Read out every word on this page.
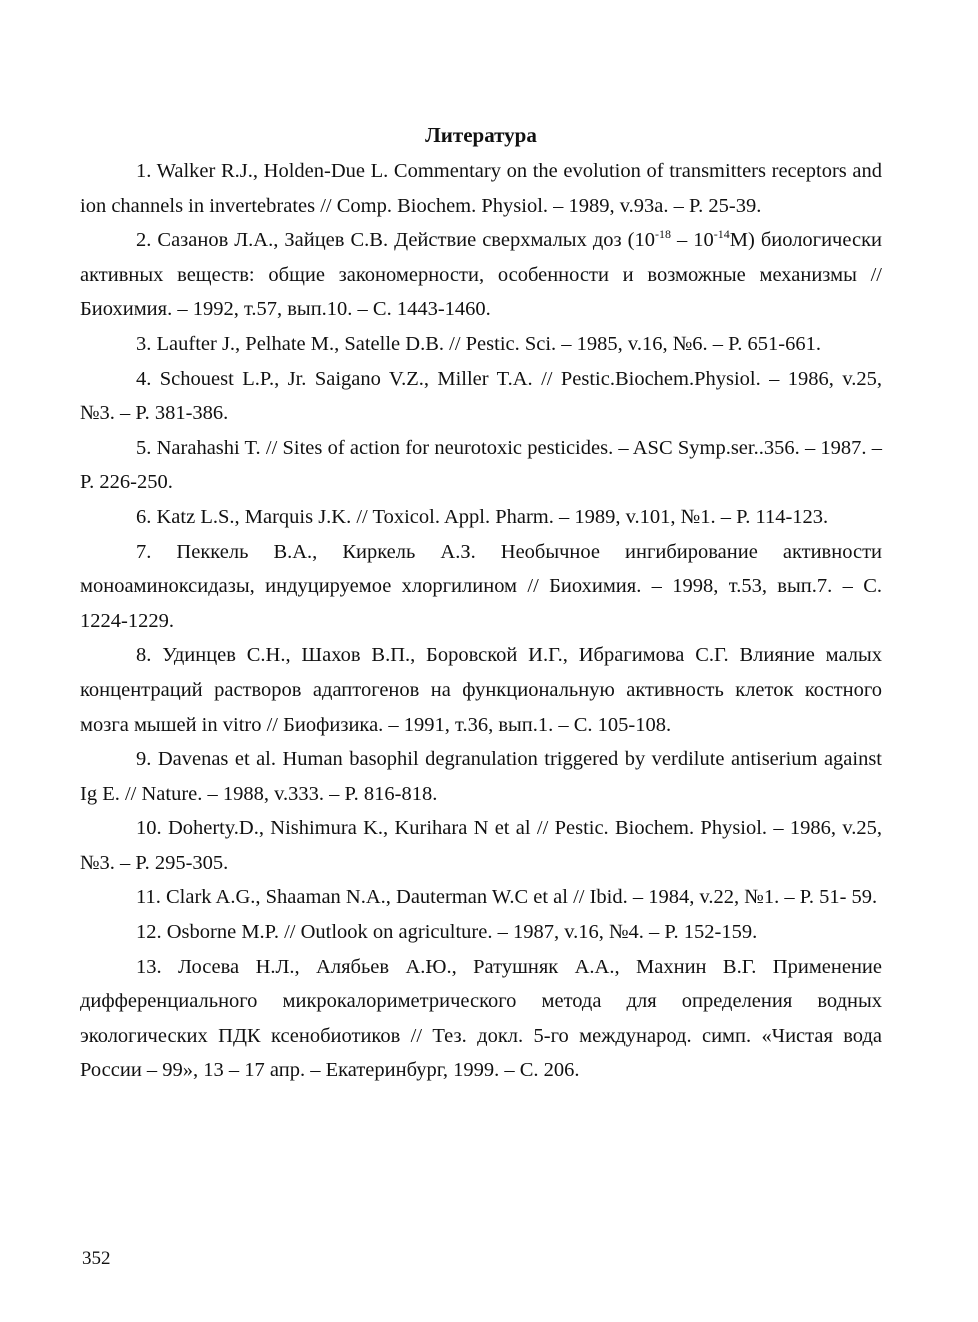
Литература

1. Walker R.J., Holden-Due L. Commentary on the evolution of transmitters receptors and ion channels in invertebrates // Comp. Biochem. Physiol. – 1989, v.93a. – P. 25-39.

2. Сазанов Л.А., Зайцев С.В. Действие сверхмалых доз $(10^{-18} - 10^{-14}М)$ биологически активных веществ: общие закономерности, особенности и возможные механизмы // Биохимия. – 1992, т.57, вып.10. – С. 1443-1460.

3. Laufter J., Pelhate M., Satelle D.B. // Pestic. Sci. – 1985, v.16, №6. – P. 651-661.

4. Schouest L.P., Jr. Saigano V.Z., Miller T.A. // Pestic.Biochem.Physiol. – 1986, v.25, №3. – P. 381-386.

5. Narahashi T. // Sites of action for neurotoxic pesticides. – ASC Symp.ser..356. – 1987. – P. 226-250.

6. Katz L.S., Marquis J.K. // Toxicol. Appl. Pharm. – 1989, v.101, №1. – P. 114-123.

7. Пеккель В.А., Киркель А.З. Необычное ингибирование активности моноаминоксидазы, индуцируемое хлоргилином // Биохимия. – 1998, т.53, вып.7. – С. 1224-1229.

8. Удинцев С.Н., Шахов В.П., Боровской И.Г., Ибрагимова С.Г. Влияние малых концентраций растворов адаптогенов на функциональную активность клеток костного мозга мышей in vitro // Биофизика. – 1991, т.36, вып.1. – С. 105-108.

9. Davenas et al. Human basophil degranulation triggered by verdilute antiserium against Ig E. // Nature. – 1988, v.333. – P. 816-818.

10. Doherty.D., Nishimura K., Kurihara N et al // Pestic. Biochem. Physiol. – 1986, v.25, №3. – P. 295-305.

11. Clark A.G., Shaaman N.A., Dauterman W.C et al // Ibid. – 1984, v.22, №1. – P. 51- 59.

12. Osborne M.P. // Outlook on agriculture. – 1987, v.16, №4. – P. 152-159.

13. Лосева Н.Л., Алябьев А.Ю., Ратушняк А.А., Махнин В.Г. Применение дифференциального микрокалориметрического метода для определения водных экологических ПДК ксенобиотиков // Тез. докл. 5-го международ. симп. «Чистая вода России – 99», 13 – 17 апр. – Екатеринбург, 1999. – С. 206.

352
